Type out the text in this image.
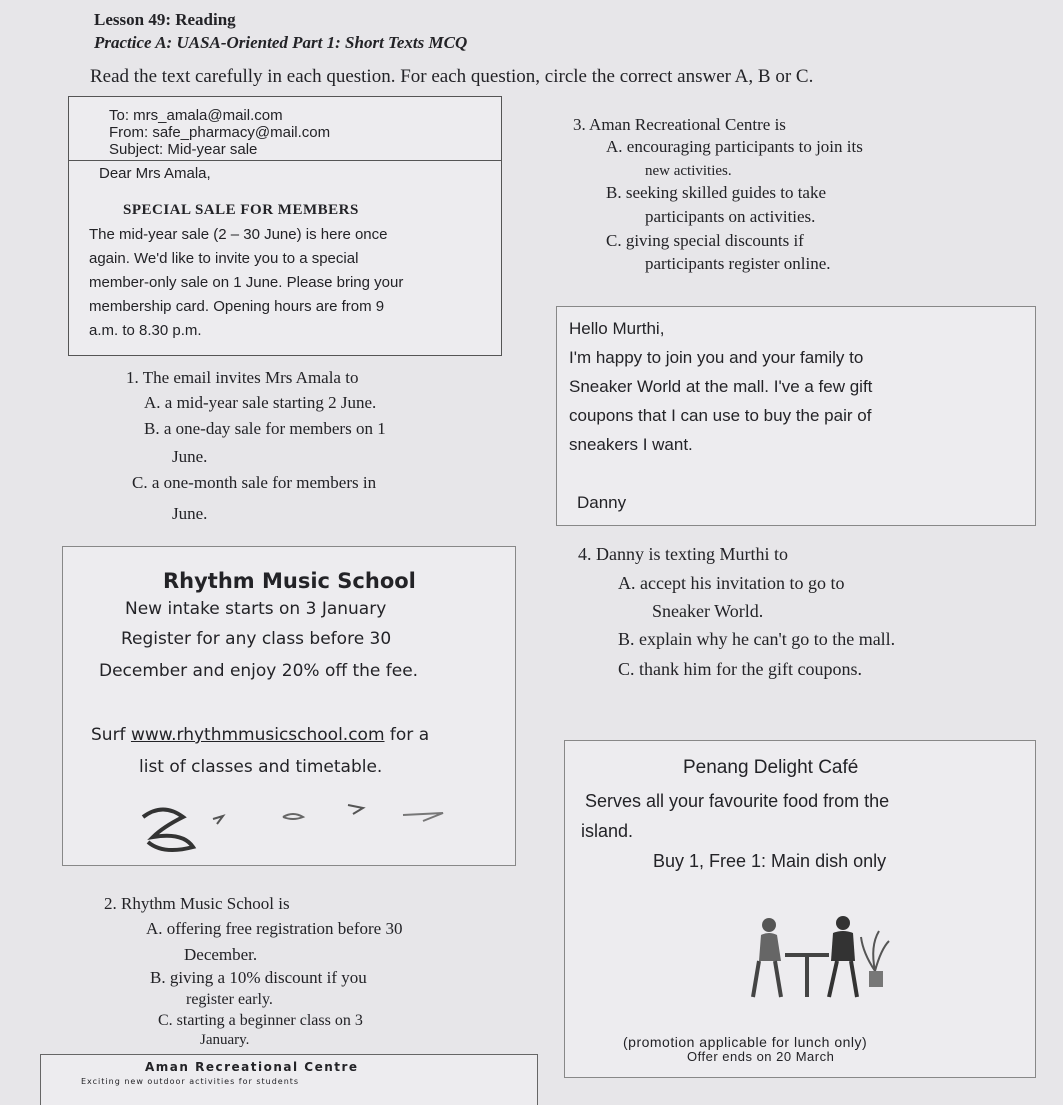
Lesson 49: Reading
Practice A: UASA-Oriented Part 1: Short Texts MCQ
Read the text carefully in each question. For each question, circle the correct answer A, B or C.
To: mrs_amala@mail.com
From: safe_pharmacy@mail.com
Subject: Mid-year sale
Dear Mrs Amala,
SPECIAL SALE FOR MEMBERS
The mid-year sale (2 – 30 June) is here once
again. We'd like to invite you to a special
member-only sale on 1 June. Please bring your
membership card. Opening hours are from 9
a.m. to 8.30 p.m.
1. The email invites Mrs Amala to
A. a mid-year sale starting 2 June.
B. a one-day sale for members on 1
June.
C. a one-month sale for members in
June.
Rhythm Music School
New intake starts on 3 January
Register for any class before 30
December and enjoy 20% off the fee.
Surf www.rhythmmusicschool.com for a
list of classes and timetable.
2. Rhythm Music School is
A. offering free registration before 30
December.
B. giving a 10% discount if you
register early.
C. starting a beginner class on 3
January.
Aman Recreational Centre
Exciting new outdoor activities for students
3. Aman Recreational Centre is
A. encouraging participants to join its
new activities.
B. seeking skilled guides to take
participants on activities.
C. giving special discounts if
participants register online.
Hello Murthi,
I'm happy to join you and your family to
Sneaker World at the mall. I've a few gift
coupons that I can use to buy the pair of
sneakers I want.
Danny
4. Danny is texting Murthi to
A. accept his invitation to go to
Sneaker World.
B. explain why he can't go to the mall.
C. thank him for the gift coupons.
Penang Delight Café
Serves all your favourite food from the
island.
Buy 1, Free 1: Main dish only
(promotion applicable for lunch only)
Offer ends on 20 March
